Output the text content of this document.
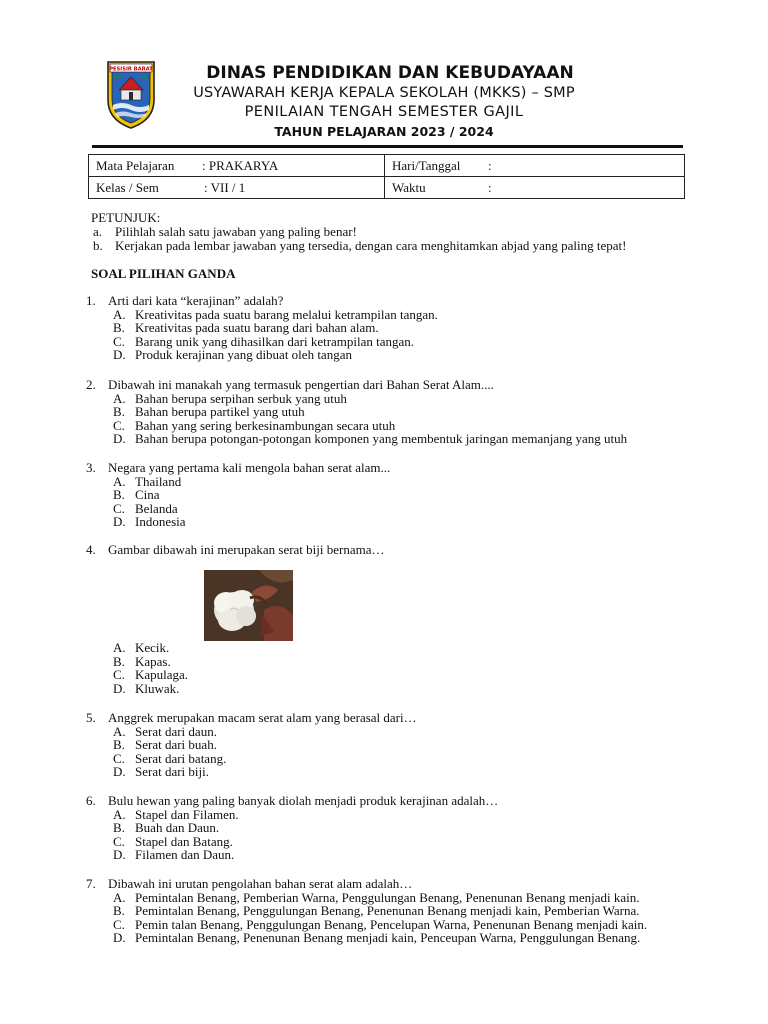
PESISIR BARAT	DINAS PENDIDIKAN DAN KEBUDAYAAN
USYAWARAH KERJA KEPALA SEKOLAH (MKKS) – SMP
PENILAIAN TENGAH SEMESTER GAJIL
TAHUN PELAJARAN 2023 / 2024
Mata Pelajaran : PRAKARYA	Hari/Tanggal :
Kelas / Sem : VII / 1	Waktu :
PETUNJUK:
a. Pilihlah salah satu jawaban yang paling benar!
b. Kerjakan pada lembar jawaban yang tersedia, dengan cara menghitamkan abjad yang paling tepat!
SOAL PILIHAN GANDA
1. Arti dari kata “kerajinan” adalah?
A. Kreativitas pada suatu barang melalui ketrampilan tangan.
B. Kreativitas pada suatu barang dari bahan alam.
C. Barang unik yang dihasilkan dari ketrampilan tangan.
D. Produk kerajinan yang dibuat oleh tangan
2. Dibawah ini manakah yang termasuk pengertian dari Bahan Serat Alam....
A. Bahan berupa serpihan serbuk yang utuh
B. Bahan berupa partikel yang utuh
C. Bahan yang sering berkesinambungan secara utuh
D. Bahan berupa potongan-potongan komponen yang membentuk jaringan memanjang yang utuh
3. Negara yang pertama kali mengola bahan serat alam...
A. Thailand
B. Cina
C. Belanda
D. Indonesia
4. Gambar dibawah ini merupakan serat biji bernama…
A. Kecik.
B. Kapas.
C. Kapulaga.
D. Kluwak.
5. Anggrek merupakan macam serat alam yang berasal dari…
A. Serat dari daun.
B. Serat dari buah.
C. Serat dari batang.
D. Serat dari biji.
6. Bulu hewan yang paling banyak diolah menjadi produk kerajinan adalah…
A. Stapel dan Filamen.
B. Buah dan Daun.
C. Stapel dan Batang.
D. Filamen dan Daun.
7. Dibawah ini urutan pengolahan bahan serat alam adalah…
A. Pemintalan Benang, Pemberian Warna, Penggulungan Benang, Penenunan Benang menjadi kain.
B. Pemintalan Benang, Penggulungan Benang, Penenunan Benang menjadi kain, Pemberian Warna.
C. Pemin talan Benang, Penggulungan Benang, Pencelupan Warna, Penenunan Benang menjadi kain.
D. Pemintalan Benang, Penenunan Benang menjadi kain, Penceupan Warna, Penggulungan Benang.
